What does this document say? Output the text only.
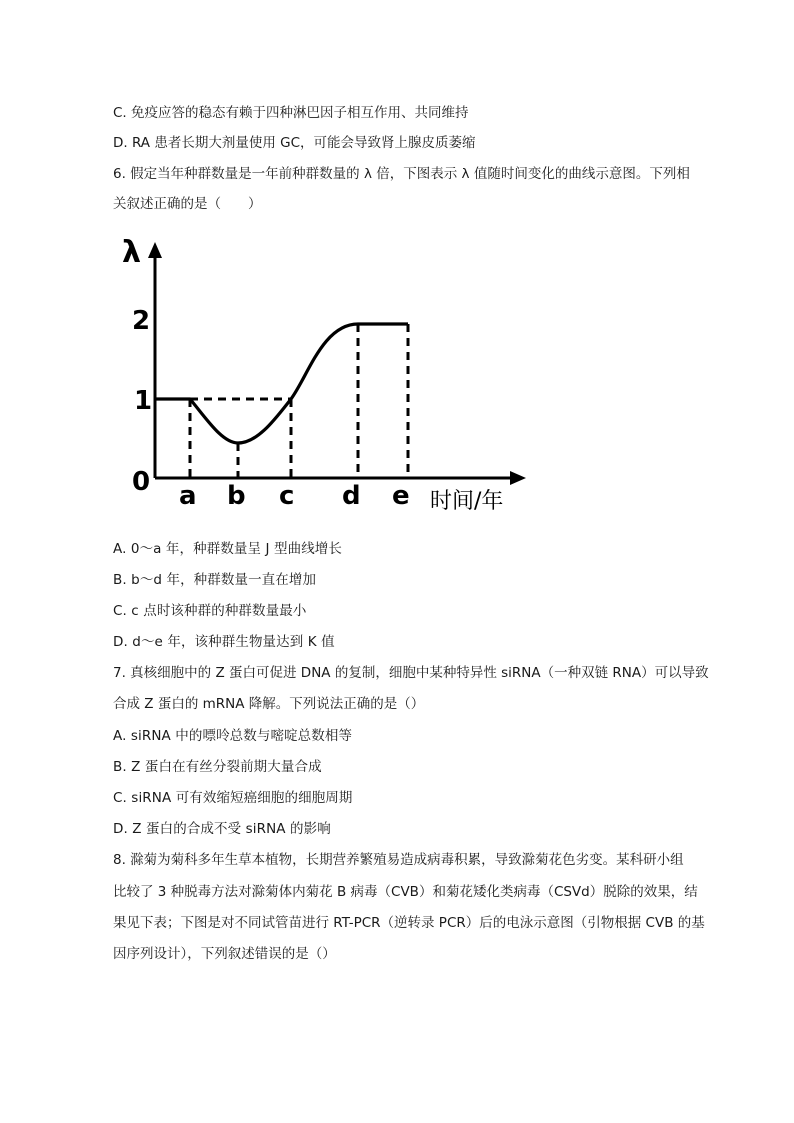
C. 免疫应答的稳态有赖于四种淋巴因子相互作用、共同维持
D. RA 患者长期大剂量使用 GC，可能会导致肾上腺皮质萎缩
6. 假定当年种群数量是一年前种群数量的 λ 倍，下图表示 λ 值随时间变化的曲线示意图。下列相
关叙述正确的是（　　）
λ
时间/年
0
1
2
a b c d e
A. 0～a 年，种群数量呈 J 型曲线增长
B. b～d 年，种群数量一直在增加
C. c 点时该种群的种群数量最小
D. d～e 年，该种群生物量达到 K 值
7. 真核细胞中的 Z 蛋白可促进 DNA 的复制，细胞中某种特异性 siRNA（一种双链 RNA）可以导致
合成 Z 蛋白的 mRNA 降解。下列说法正确的是（）
A. siRNA 中的嘌呤总数与嘧啶总数相等
B. Z 蛋白在有丝分裂前期大量合成
C. siRNA 可有效缩短癌细胞的细胞周期
D. Z 蛋白的合成不受 siRNA 的影响
8. 滁菊为菊科多年生草本植物，长期营养繁殖易造成病毒积累，导致滁菊花色劣变。某科研小组
比较了 3 种脱毒方法对滁菊体内菊花 B 病毒（CVB）和菊花矮化类病毒（CSVd）脱除的效果，结
果见下表；下图是对不同试管苗进行 RT-PCR（逆转录 PCR）后的电泳示意图（引物根据 CVB 的基
因序列设计），下列叙述错误的是（）
